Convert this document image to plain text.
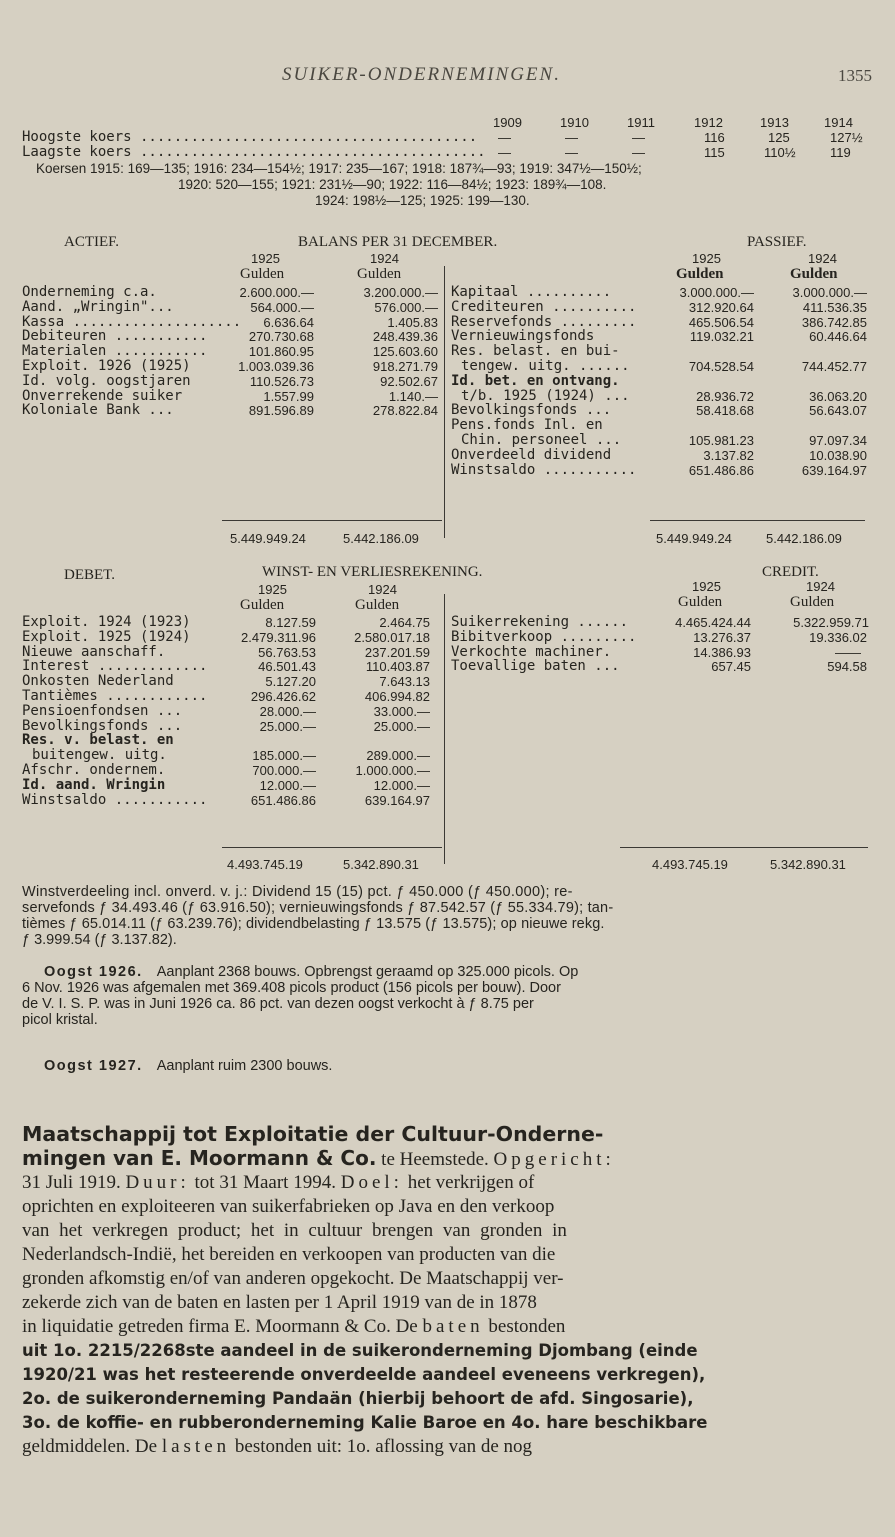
SUIKER-ONDERNEMINGEN.	1355
1909	1910	1911	1912	1913	1914
Hoogste koers ........................................ —	—	—	116	125	127½
Laagste koers ......................................... —	—	—	115	110½	119
Koersen 1915: 169—135; 1916: 234—154½; 1917: 235—167; 1918: 187¾—93; 1919: 347½—150½;
1920: 520—155; 1921: 231½—90; 1922: 116—84½; 1923: 189¾—108.
1924: 198½—125; 1925: 199—130.
ACTIEF.	BALANS PER 31 DECEMBER.	PASSIEF.
1925	1924
Gulden	Gulden
1925	1924
Gulden	Gulden
Onderneming c.a.	2.600.000.—	3.200.000.—
Aand. „Wringin"...	564.000.—	576.000.—
Kassa .................... 6.636.64	1.405.83
Debiteuren ...........	270.730.68	248.439.36
Materialen ...........	101.860.95	125.603.60
Exploit. 1926 (1925)	1.003.039.36	918.271.79
Id. volg. oogstjaren	110.526.73	92.502.67
Onverrekende suiker	1.557.99	1.140.—
Koloniale Bank ...	891.596.89	278.822.84
Kapitaal ..........	3.000.000.—	3.000.000.—
Crediteuren ..........	312.920.64	411.536.35
Reservefonds .........	465.506.54	386.742.85
Vernieuwingsfonds	119.032.21	60.446.64
Res. belast. en bui-
tengew. uitg. ......	704.528.54	744.452.77
Id. bet. en ontvang.
t/b. 1925 (1924) ...	28.936.72	36.063.20
Bevolkingsfonds ...	58.418.68	56.643.07
Pens.fonds Inl. en
Chin. personeel ...	105.981.23	97.097.34
Onverdeeld dividend	3.137.82	10.038.90
Winstsaldo ...........	651.486.86	639.164.97
5.449.949.24	5.442.186.09	5.449.949.24	5.442.186.09
DEBET.	WINST- EN VERLIESREKENING.	CREDIT.
1925	1924
Gulden	Gulden
1925	1924
Gulden	Gulden
Exploit. 1924 (1923)	8.127.59	2.464.75
Exploit. 1925 (1924)	2.479.311.96	2.580.017.18
Nieuwe aanschaff.	56.763.53	237.201.59
Interest .............	46.501.43	110.403.87
Onkosten Nederland	5.127.20	7.643.13
Tantièmes ............	296.426.62	406.994.82
Pensioenfondsen ...	28.000.—	33.000.—
Bevolkingsfonds ...	25.000.—	25.000.—
Res. v. belast. en
buitengew. uitg.	185.000.—	289.000.—
Afschr. ondernem.	700.000.—	1.000.000.—
Id. aand. Wringin	12.000.—	12.000.—
Winstsaldo ...........	651.486.86	639.164.97
Suikerrekening ......	4.465.424.44	5.322.959.71
Bibitverkoop .........	13.276.37	19.336.02
Verkochte machiner.	14.386.93	——
Toevallige baten ...	657.45	594.58
4.493.745.19	5.342.890.31	4.493.745.19	5.342.890.31
Winstverdeeling incl. onverd. v. j.: Dividend 15 (15) pct. ƒ 450.000 (ƒ 450.000); re-
servefonds ƒ 34.493.46 (ƒ 63.916.50); vernieuwingsfonds ƒ 87.542.57 (ƒ 55.334.79); tan-
tièmes ƒ 65.014.11 (ƒ 63.239.76); dividendbelasting ƒ 13.575 (ƒ 13.575); op nieuwe rekg.
ƒ 3.999.54 (ƒ 3.137.82).
Oogst 1926. Aanplant 2368 bouws. Opbrengst geraamd op 325.000 picols. Op
6 Nov. 1926 was afgemalen met 369.408 picols product (156 picols per bouw). Door
de V. I. S. P. was in Juni 1926 ca. 86 pct. van dezen oogst verkocht à ƒ 8.75 per
picol kristal.
Oogst 1927. Aanplant ruim 2300 bouws.
Maatschappij tot Exploitatie der Cultuur-Onderne-
mingen van E. Moormann & Co. te Heemstede. Opgericht:
31 Juli 1919. Duur: tot 31 Maart 1994. Doel: het verkrijgen of
oprichten en exploiteeren van suikerfabrieken op Java en den verkoop
van het verkregen product; het in cultuur brengen van gronden in
Nederlandsch-Indië, het bereiden en verkoopen van producten van die
gronden afkomstig en/of van anderen opgekocht. De Maatschappij ver-
zekerde zich van de baten en lasten per 1 April 1919 van de in 1878
in liquidatie getreden firma E. Moormann & Co. De baten bestonden
uit 1o. 2215/2268ste aandeel in de suikeronderneming Djombang (einde
1920/21 was het resteerende onverdeelde aandeel eveneens verkregen),
2o. de suikeronderneming Pandaän (hierbij behoort de afd. Singosarie),
3o. de koffie- en rubberonderneming Kalie Baroe en 4o. hare beschikbare
geldmiddelen. De lasten bestonden uit: 1o. aflossing van de nog
